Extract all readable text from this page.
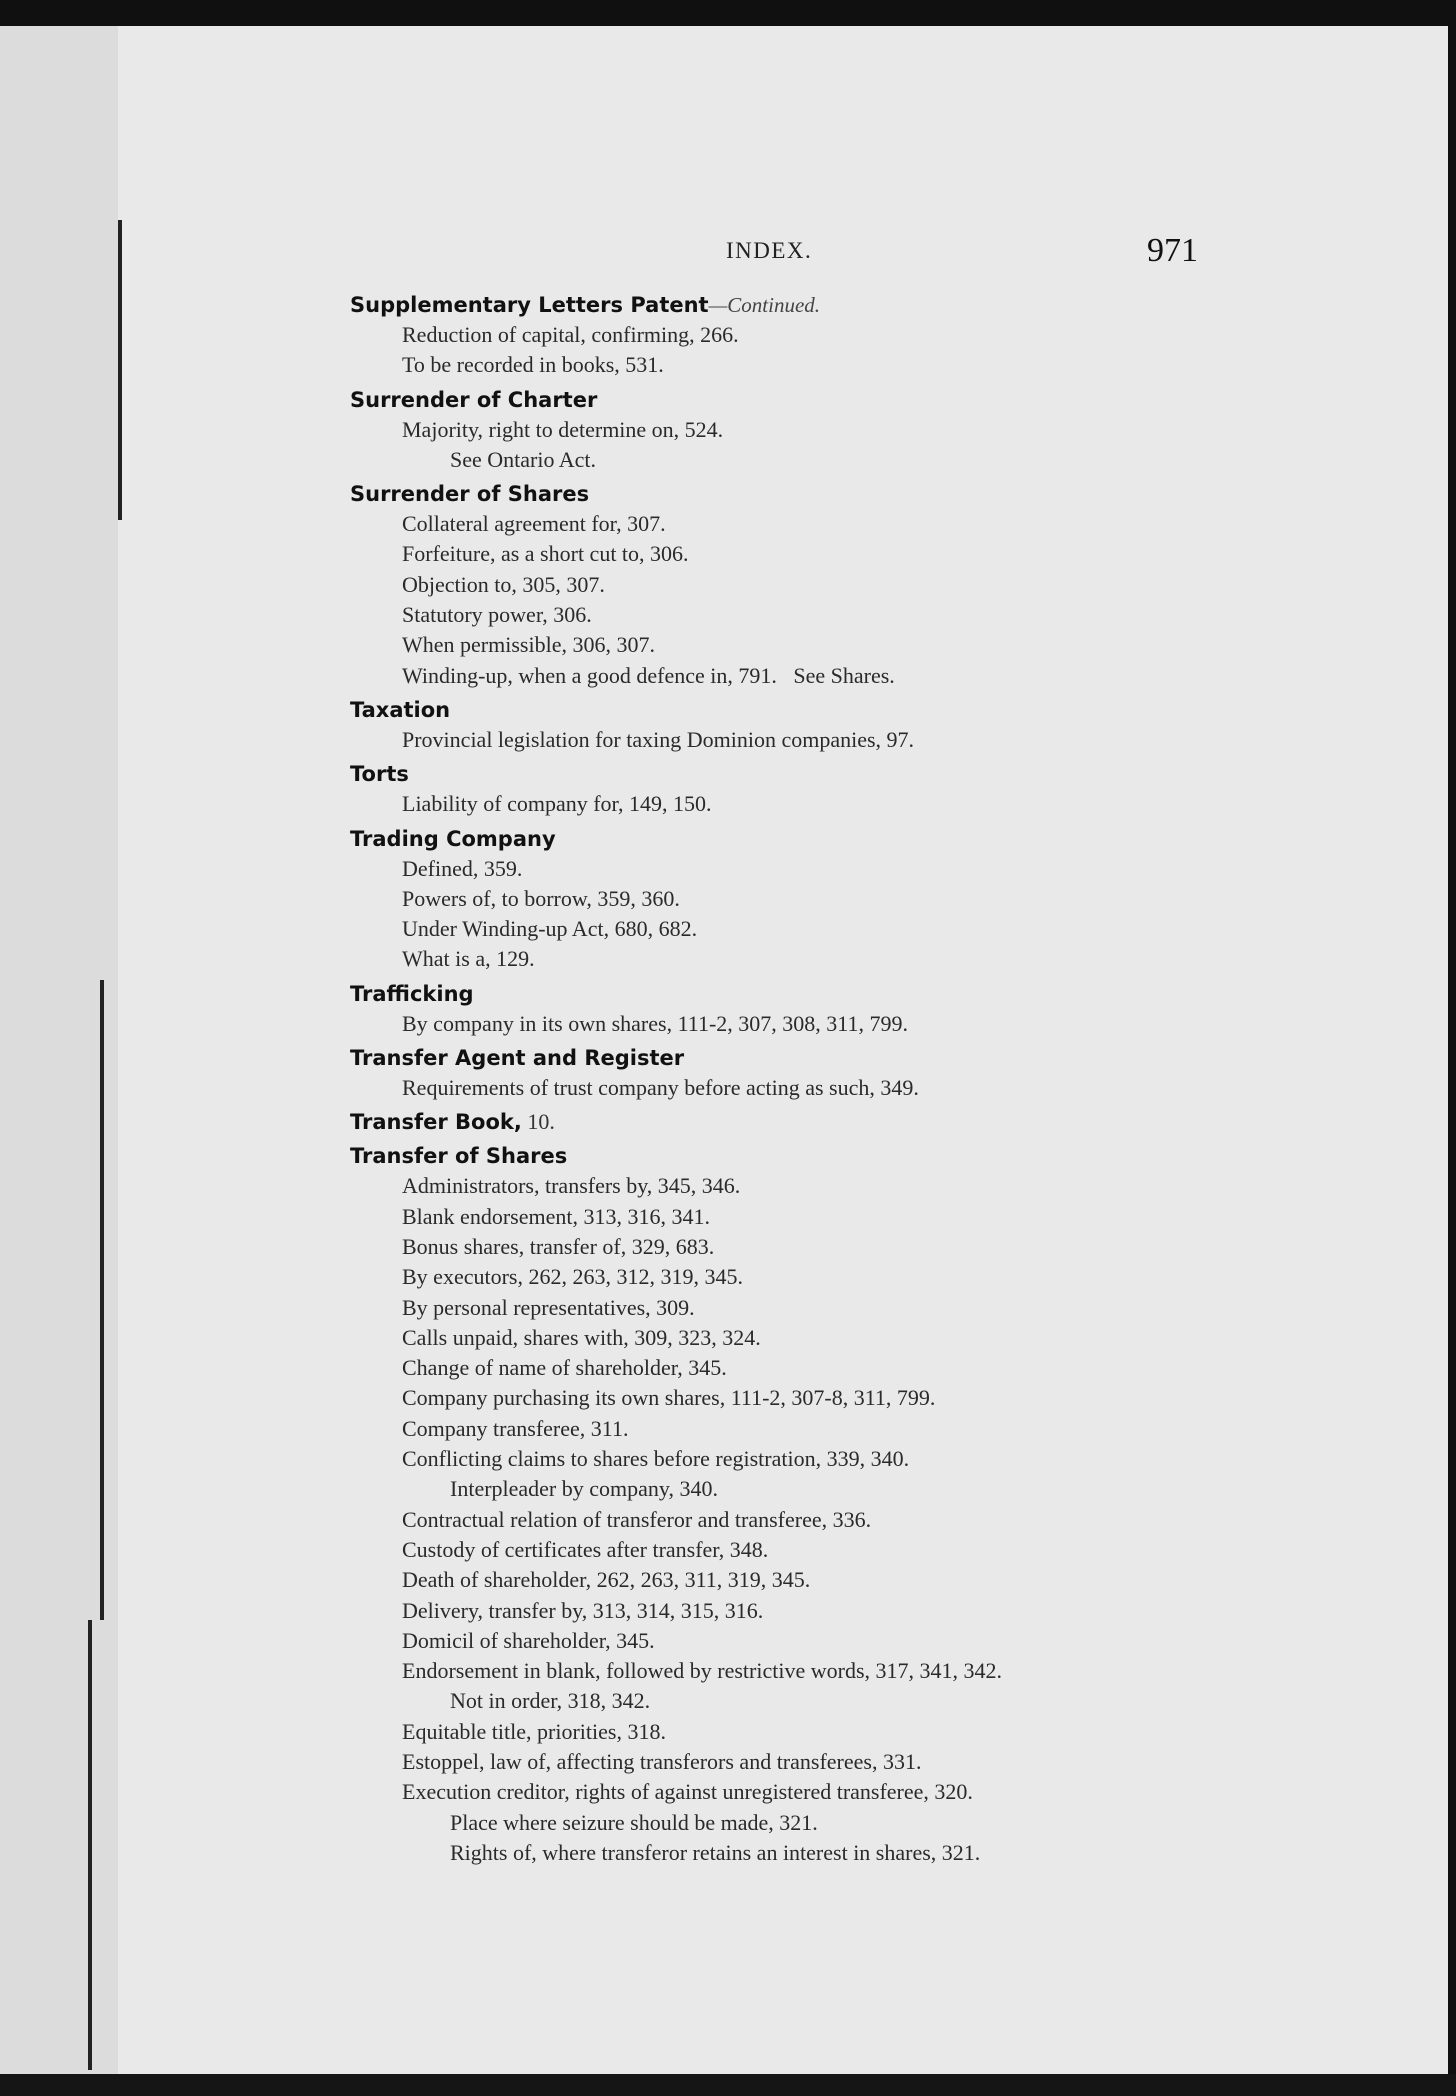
INDEX.	971
Supplementary Letters Patent—Continued.
Reduction of capital, confirming, 266.
To be recorded in books, 531.
Surrender of Charter
Majority, right to determine on, 524.
See Ontario Act.
Surrender of Shares
Collateral agreement for, 307.
Forfeiture, as a short cut to, 306.
Objection to, 305, 307.
Statutory power, 306.
When permissible, 306, 307.
Winding-up, when a good defence in, 791.   See Shares.
Taxation
Provincial legislation for taxing Dominion companies, 97.
Torts
Liability of company for, 149, 150.
Trading Company
Defined, 359.
Powers of, to borrow, 359, 360.
Under Winding-up Act, 680, 682.
What is a, 129.
Trafficking
By company in its own shares, 111-2, 307, 308, 311, 799.
Transfer Agent and Register
Requirements of trust company before acting as such, 349.
Transfer Book, 10.
Transfer of Shares
Administrators, transfers by, 345, 346.
Blank endorsement, 313, 316, 341.
Bonus shares, transfer of, 329, 683.
By executors, 262, 263, 312, 319, 345.
By personal representatives, 309.
Calls unpaid, shares with, 309, 323, 324.
Change of name of shareholder, 345.
Company purchasing its own shares, 111-2, 307-8, 311, 799.
Company transferee, 311.
Conflicting claims to shares before registration, 339, 340.
Interpleader by company, 340.
Contractual relation of transferor and transferee, 336.
Custody of certificates after transfer, 348.
Death of shareholder, 262, 263, 311, 319, 345.
Delivery, transfer by, 313, 314, 315, 316.
Domicil of shareholder, 345.
Endorsement in blank, followed by restrictive words, 317, 341, 342.
Not in order, 318, 342.
Equitable title, priorities, 318.
Estoppel, law of, affecting transferors and transferees, 331.
Execution creditor, rights of against unregistered transferee, 320.
Place where seizure should be made, 321.
Rights of, where transferor retains an interest in shares, 321.
